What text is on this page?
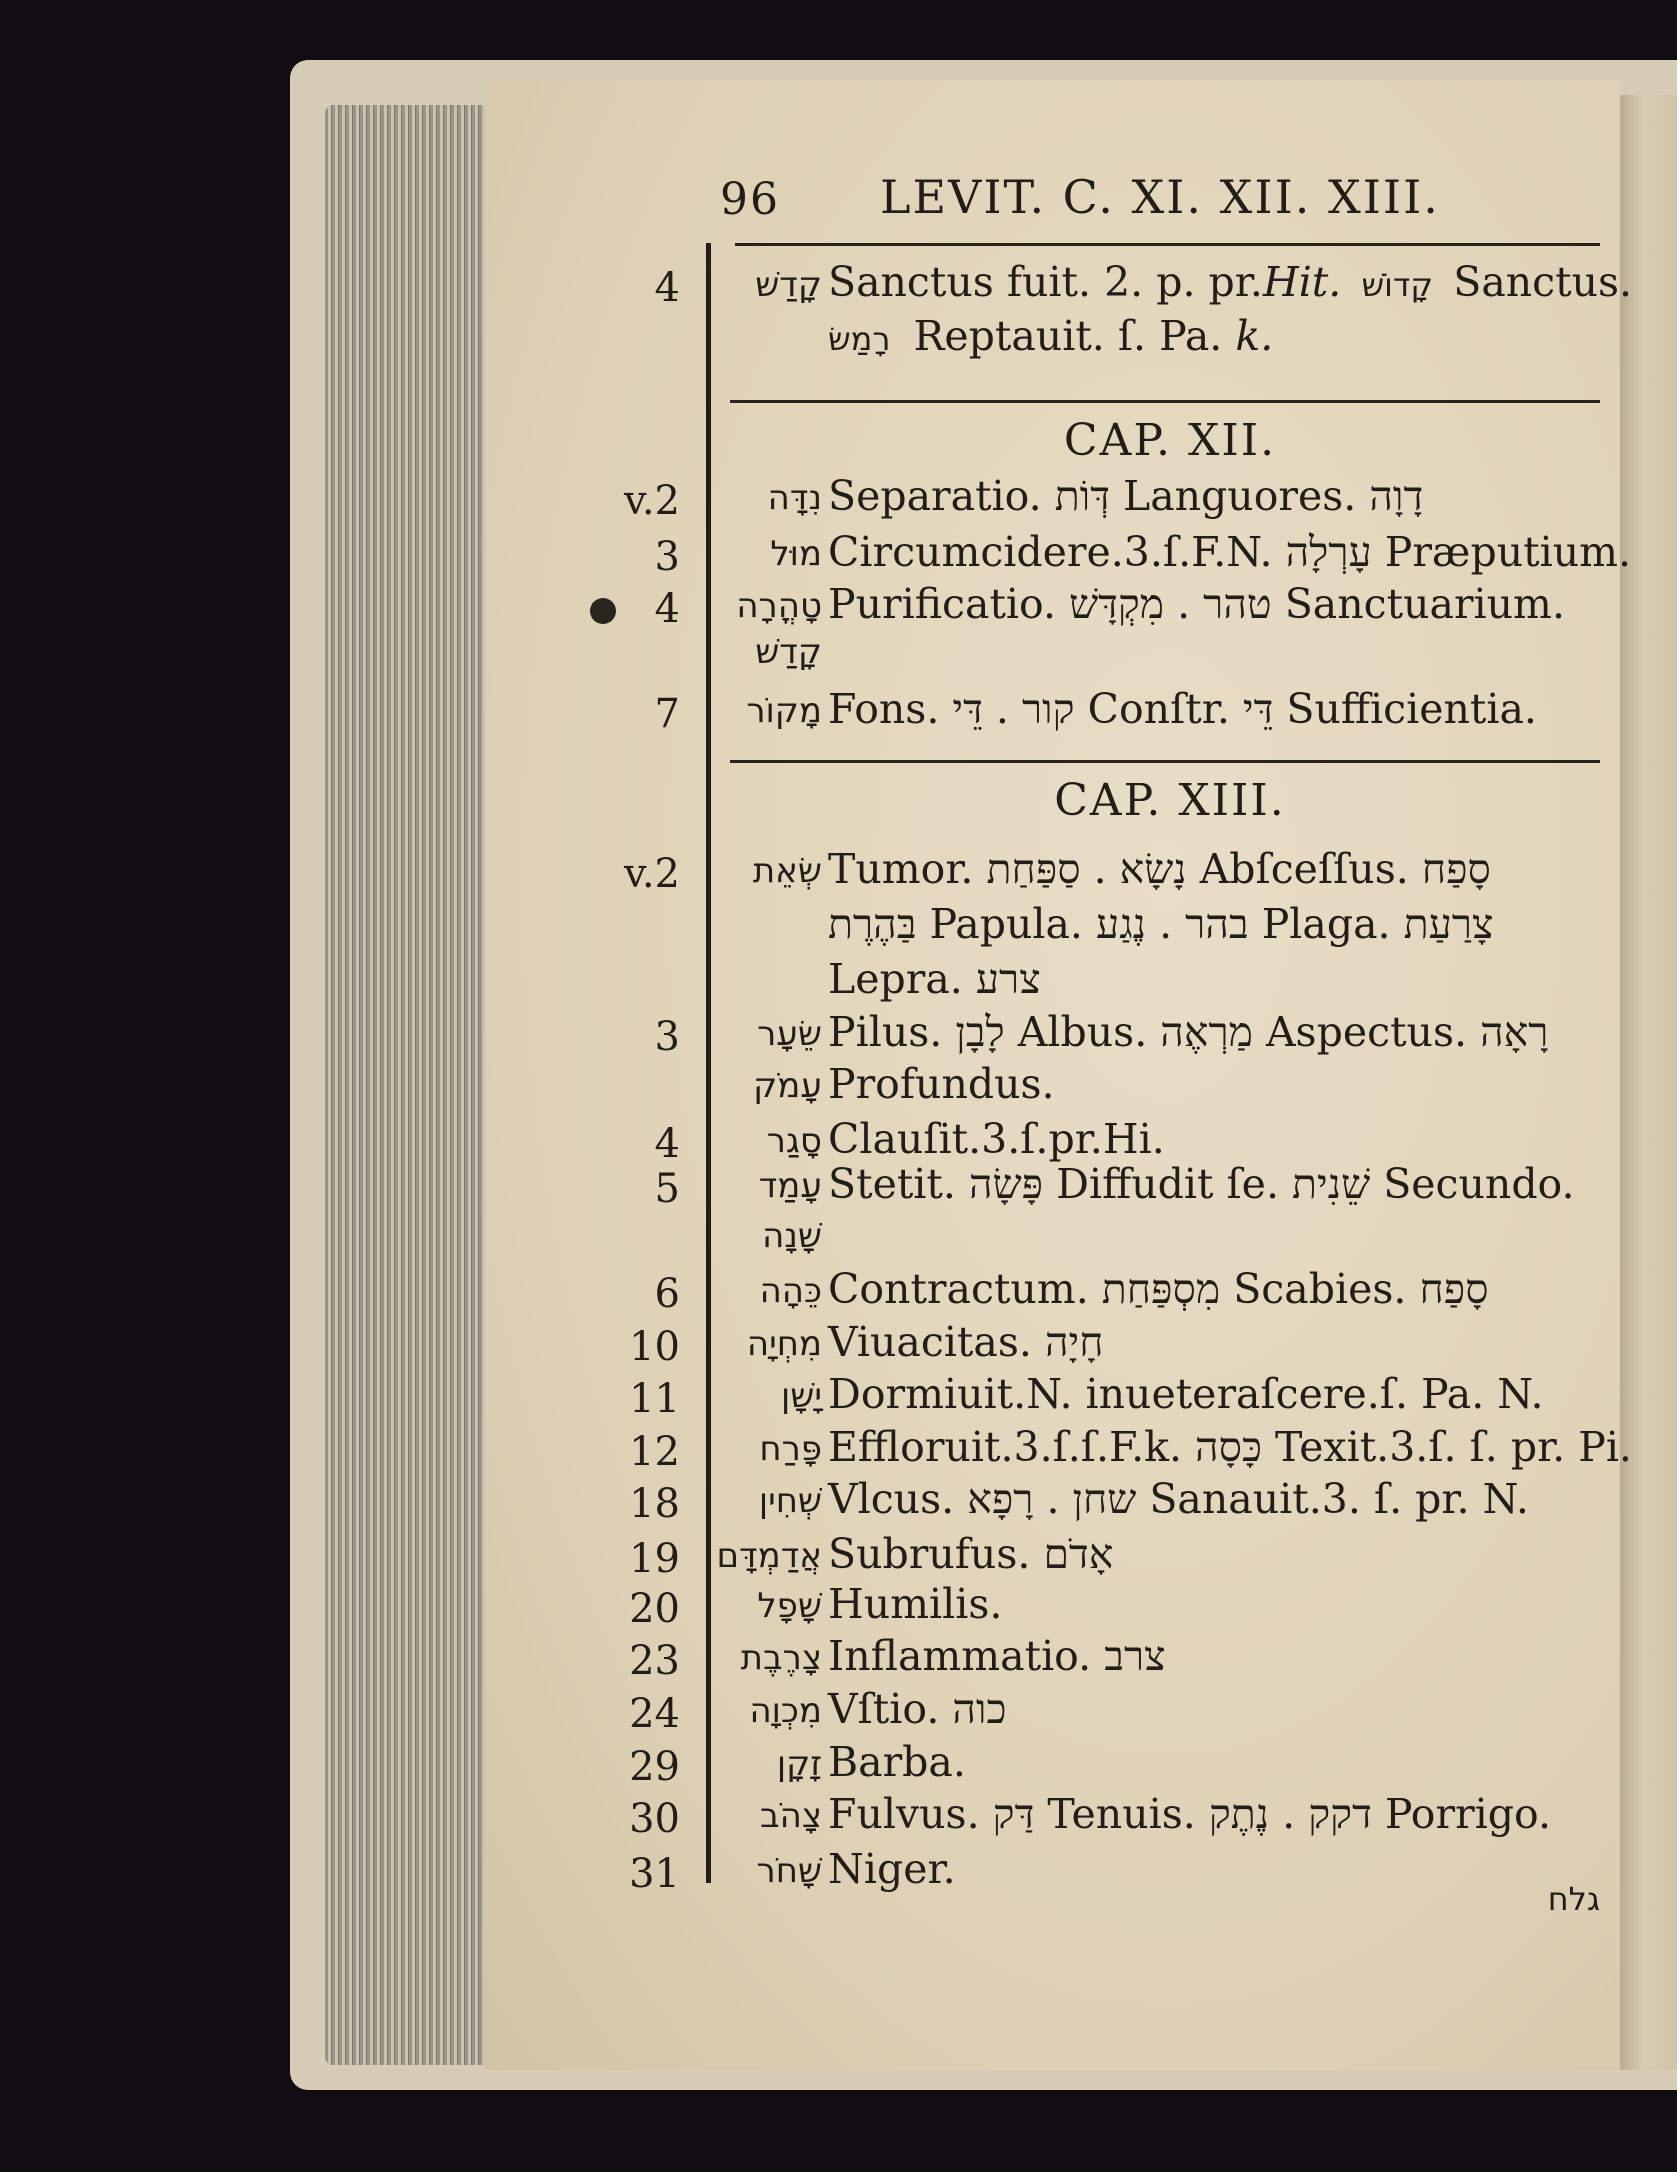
96 LEVIT. C. XI. XII. XIII.
4	קָדַשׁ Sanctus fuit. 2. p. pr.Hit. קָדוֹשׁ Sanctus.
רָמַשׂ Reptauit. ſ. Pa. k.
CAP. XII.
v.2	נִדָּה Separatio. דְּוֹת Languores. דָוָה
3	מוּל Circumcidere.3.ſ.F.N. עָרְלָה Præputium.
4	טָהֳרָה Purificatio. טהר . מִקְדָּשׁ Sanctuarium.
קָדַשׁ
7	מָקוֹר Fons. קור . דֵּי Conſtr. דֵּי Sufficientia.
CAP. XIII.
v.2	שְׂאֵת Tumor. נָשָׂא . סַפַּחַת Abſceſſus. סָפַח
בַּהֶרֶת Papula. בהר . נֶגַע Plaga. צָרַעַת
Lepra. צרע
3	שֵׂעָר Pilus. לָבָן Albus. מַרְאֶה Aspectus. רָאָה
עָמֹק Profundus.
4	סָגַר Clauſit.3.ſ.pr.Hi.
5	עָמַד Stetit. פָּשָׂה Diffudit ſe. שֵׁנִית Secundo.
שָׁנָה
6	כֵּהָה Contractum. מִסְפַּחַת Scabies. סָפַח
10	מִחְיָה Viuacitas. חָיָה
11	יָשָׁן Dormiuit.N. inueteraſcere.ſ. Pa. N.
12	פָּרַח Effloruit.3.ſ.ſ.F.k. כָּסָה Texit.3.ſ. ſ. pr. Pi.
18	שְׁחִין Vlcus. שחן . רָפָא Sanauit.3. ſ. pr. N.
19 אֲדַמְדָּם Subrufus. אָדֹם
20	שָׁפָל Humilis.
23	צָרֶבֶת Inflammatio. צרב
24	מִכְוָה Vſtio. כוה
29	זָקָן Barba.
30	צָהֹב Fulvus. דַּק Tenuis. דקק . נֶתֶק Porrigo.
31	שָׁחֹר Niger.
גלח
